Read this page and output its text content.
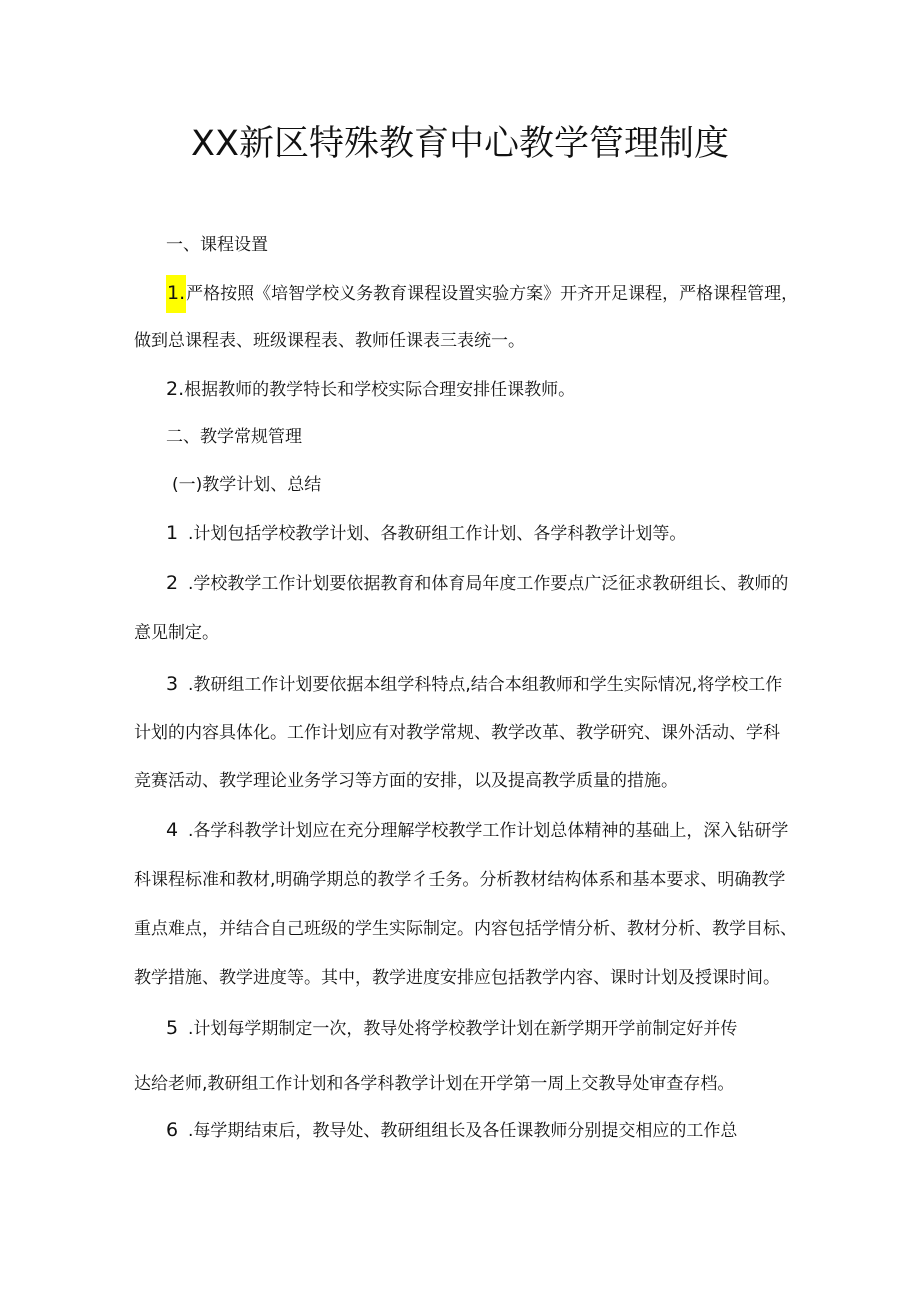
XX新区特殊教育中心教学管理制度

一、课程设置

1.严格按照《培智学校义务教育课程设置实验方案》开齐开足课程，严格课程管理，

做到总课程表、班级课程表、教师任课表三表统一。

2.根据教师的教学特长和学校实际合理安排任课教师。

二、教学常规管理

(一)教学计划、总结

1 .计划包括学校教学计划、各教研组工作计划、各学科教学计划等。

2 .学校教学工作计划要依据教育和体育局年度工作要点广泛征求教研组长、教师的

意见制定。

3 .教研组工作计划要依据本组学科特点,结合本组教师和学生实际情况,将学校工作

计划的内容具体化。工作计划应有对教学常规、教学改革、教学研究、课外活动、学科

竞赛活动、教学理论业务学习等方面的安排，以及提高教学质量的措施。

4 .各学科教学计划应在充分理解学校教学工作计划总体精神的基础上，深入钻研学

科课程标准和教材,明确学期总的教学彳壬务。分析教材结构体系和基本要求、明确教学

重点难点，并结合自己班级的学生实际制定。内容包括学情分析、教材分析、教学目标、

教学措施、教学进度等。其中，教学进度安排应包括教学内容、课时计划及授课时间。

5 .计划每学期制定一次，教导处将学校教学计划在新学期开学前制定好并传

达给老师,教研组工作计划和各学科教学计划在开学第一周上交教导处审查存档。

6 .每学期结束后，教导处、教研组组长及各任课教师分别提交相应的工作总
